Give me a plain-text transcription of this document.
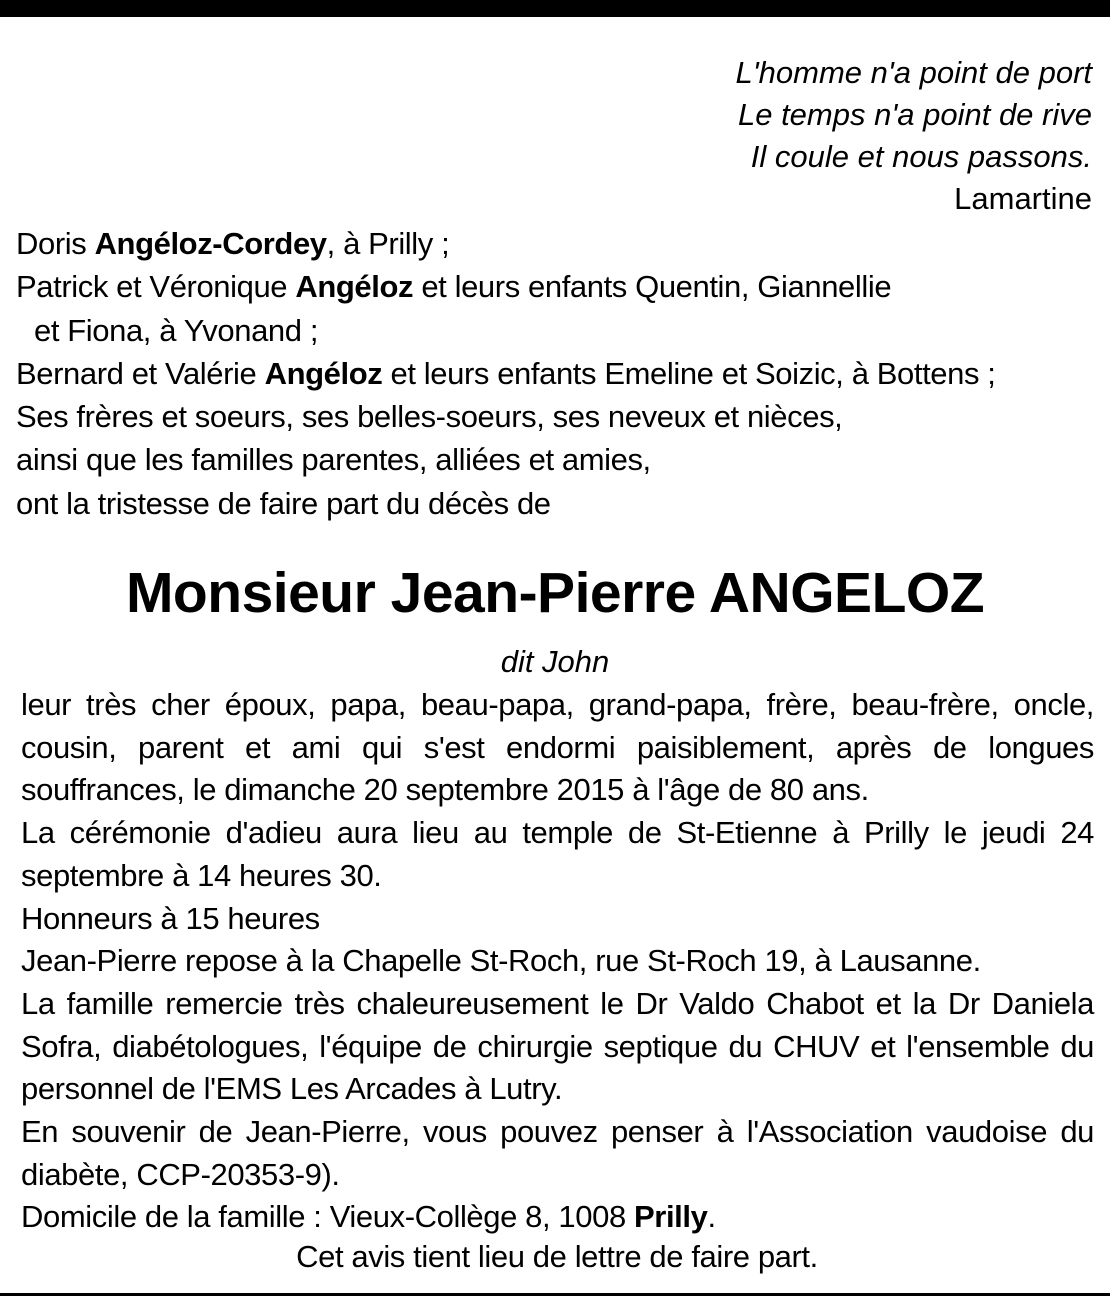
L'homme n'a point de port
Le temps n'a point de rive
Il coule et nous passons.
Lamartine
Doris Angéloz-Cordey, à Prilly ;
Patrick et Véronique Angéloz et leurs enfants Quentin, Giannellie
et Fiona, à Yvonand ;
Bernard et Valérie Angéloz et leurs enfants Emeline et Soizic, à Bottens ;
Ses frères et soeurs, ses belles-soeurs, ses neveux et nièces,
ainsi que les familles parentes, alliées et amies,
ont la tristesse de faire part du décès de
Monsieur Jean-Pierre ANGELOZ
dit John
leur très cher époux, papa, beau-papa, grand-papa, frère, beau-frère, oncle, cousin, parent et ami qui s'est endormi paisiblement, après de longues souffrances, le dimanche 20 septembre 2015 à l'âge de 80 ans.
La cérémonie d'adieu aura lieu au temple de St-Etienne à Prilly le jeudi 24 septembre à 14 heures 30.
Honneurs à 15 heures
Jean-Pierre repose à la Chapelle St-Roch, rue St-Roch 19, à Lausanne.
La famille remercie très chaleureusement le Dr Valdo Chabot et la Dr Daniela Sofra, diabétologues, l'équipe de chirurgie septique du CHUV et l'ensemble du personnel de l'EMS Les Arcades à Lutry.
En souvenir de Jean-Pierre, vous pouvez penser à l'Association vaudoise du diabète, CCP-20353-9).
Domicile de la famille : Vieux-Collège 8, 1008 Prilly.
Cet avis tient lieu de lettre de faire part.
